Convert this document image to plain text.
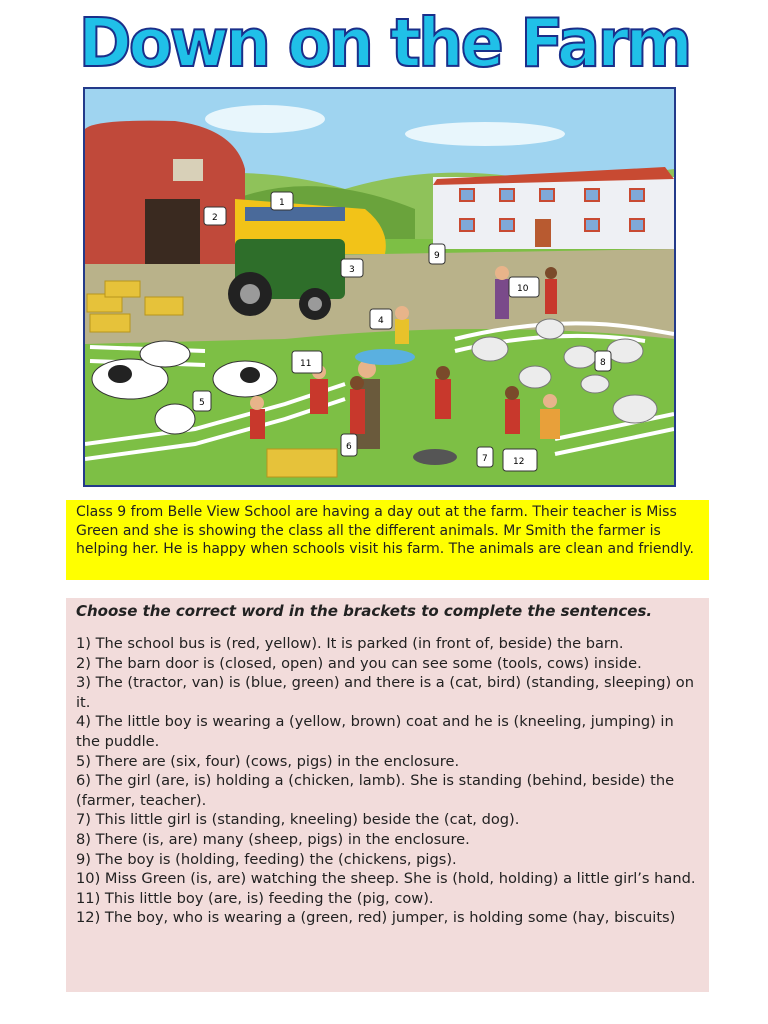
Down on the Farm
1
2
3
4
5
6
7
8
9
10
11
12
Class 9 from Belle View School are having a day out at the farm. Their teacher is Miss Green and she is showing the class all the different animals. Mr Smith the farmer is helping her. He is happy when schools visit his farm. The animals are clean and friendly.
Choose the correct word in the brackets to complete the sentences.

1) The school bus is (red, yellow). It is parked (in front of, beside) the barn.

2) The barn door is (closed, open) and you can see some (tools, cows) inside.

3) The (tractor, van) is (blue, green) and there is a (cat, bird) (standing, sleeping) on it.

4) The little boy is wearing a (yellow, brown) coat and he is (kneeling, jumping) in the puddle.

5) There are (six, four) (cows, pigs) in the enclosure.

6) The girl (are, is) holding a (chicken, lamb). She is standing (behind, beside) the (farmer, teacher).

7) This little girl is (standing, kneeling) beside the (cat, dog).

8) There (is, are) many (sheep, pigs) in the enclosure.

9) The boy is (holding, feeding) the (chickens, pigs).

10) Miss Green (is, are) watching the sheep. She is (hold, holding) a little girl’s hand.

11) This little boy (are, is) feeding the (pig, cow).

12) The boy, who is wearing a (green, red) jumper, is holding some (hay, biscuits)
